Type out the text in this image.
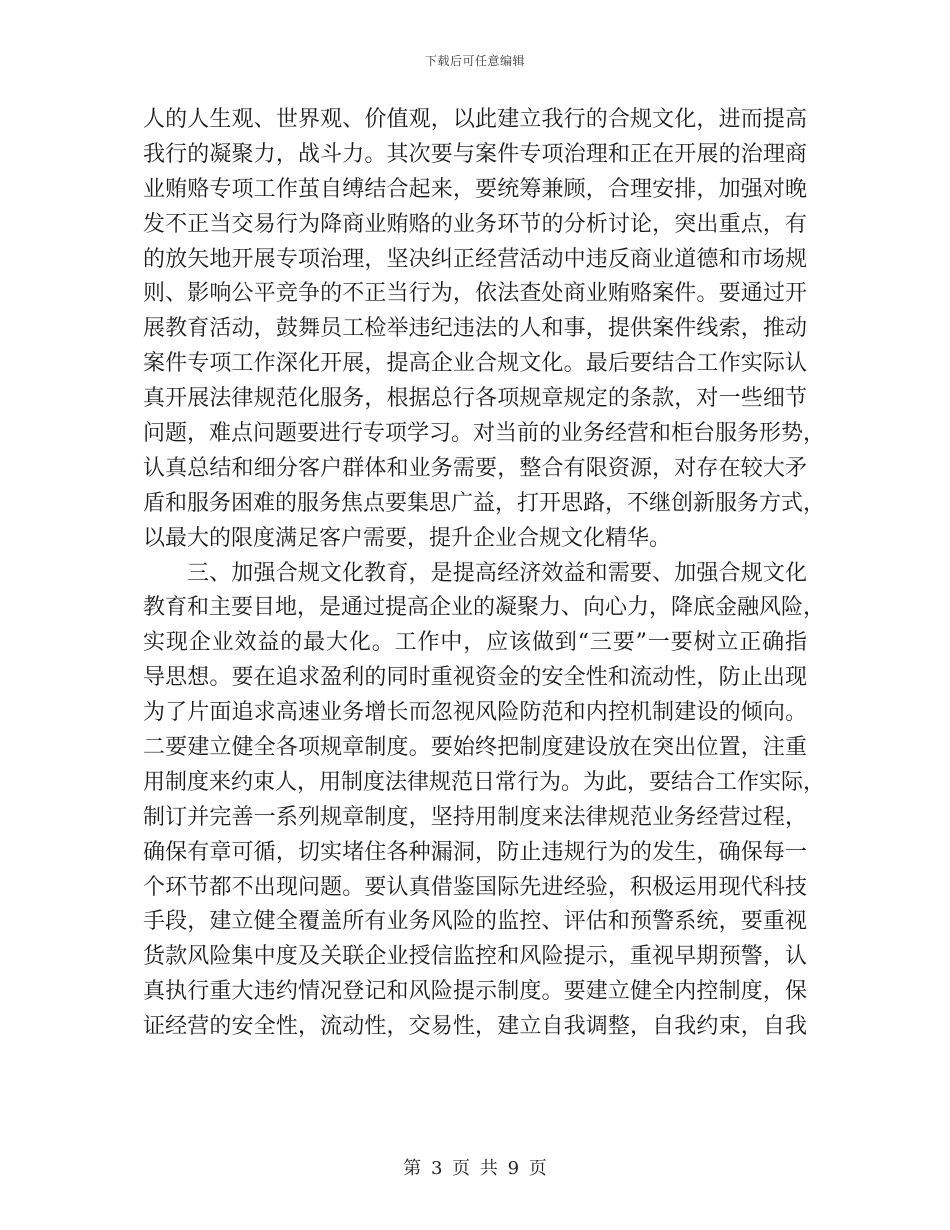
下载后可任意编辑
人的人生观、世界观、价值观，以此建立我行的合规文化，进而提高
我行的凝聚力，战斗力。其次要与案件专项治理和正在开展的治理商
业贿赂专项工作茧自缚结合起来，要统筹兼顾，合理安排，加强对晚
发不正当交易行为降商业贿赂的业务环节的分析讨论，突出重点，有
的放矢地开展专项治理，坚决纠正经营活动中违反商业道德和市场规
则、影响公平竞争的不正当行为，依法查处商业贿赂案件。要通过开
展教育活动，鼓舞员工检举违纪违法的人和事，提供案件线索，推动
案件专项工作深化开展，提高企业合规文化。最后要结合工作实际认
真开展法律规范化服务，根据总行各项规章规定的条款，对一些细节
问题，难点问题要进行专项学习。对当前的业务经营和柜台服务形势，
认真总结和细分客户群体和业务需要，整合有限资源，对存在较大矛
盾和服务困难的服务焦点要集思广益，打开思路，不继创新服务方式，
以最大的限度满足客户需要，提升企业合规文化精华。
三、加强合规文化教育，是提高经济效益和需要、加强合规文化
教育和主要目地，是通过提高企业的凝聚力、向心力，降底金融风险，
实现企业效益的最大化。工作中，应该做到“三要”一要树立正确指
导思想。要在追求盈利的同时重视资金的安全性和流动性，防止出现
为了片面追求高速业务增长而忽视风险防范和内控机制建设的倾向。
二要建立健全各项规章制度。要始终把制度建设放在突出位置，注重
用制度来约束人，用制度法律规范日常行为。为此，要结合工作实际，
制订并完善一系列规章制度，坚持用制度来法律规范业务经营过程，
确保有章可循，切实堵住各种漏洞，防止违规行为的发生，确保每一
个环节都不出现问题。要认真借鉴国际先进经验，积极运用现代科技
手段，建立健全覆盖所有业务风险的监控、评估和预警系统，要重视
货款风险集中度及关联企业授信监控和风险提示，重视早期预警，认
真执行重大违约情况登记和风险提示制度。要建立健全内控制度，保
证经营的安全性，流动性，交易性，建立自我调整，自我约束，自我
第 3 页 共 9 页
